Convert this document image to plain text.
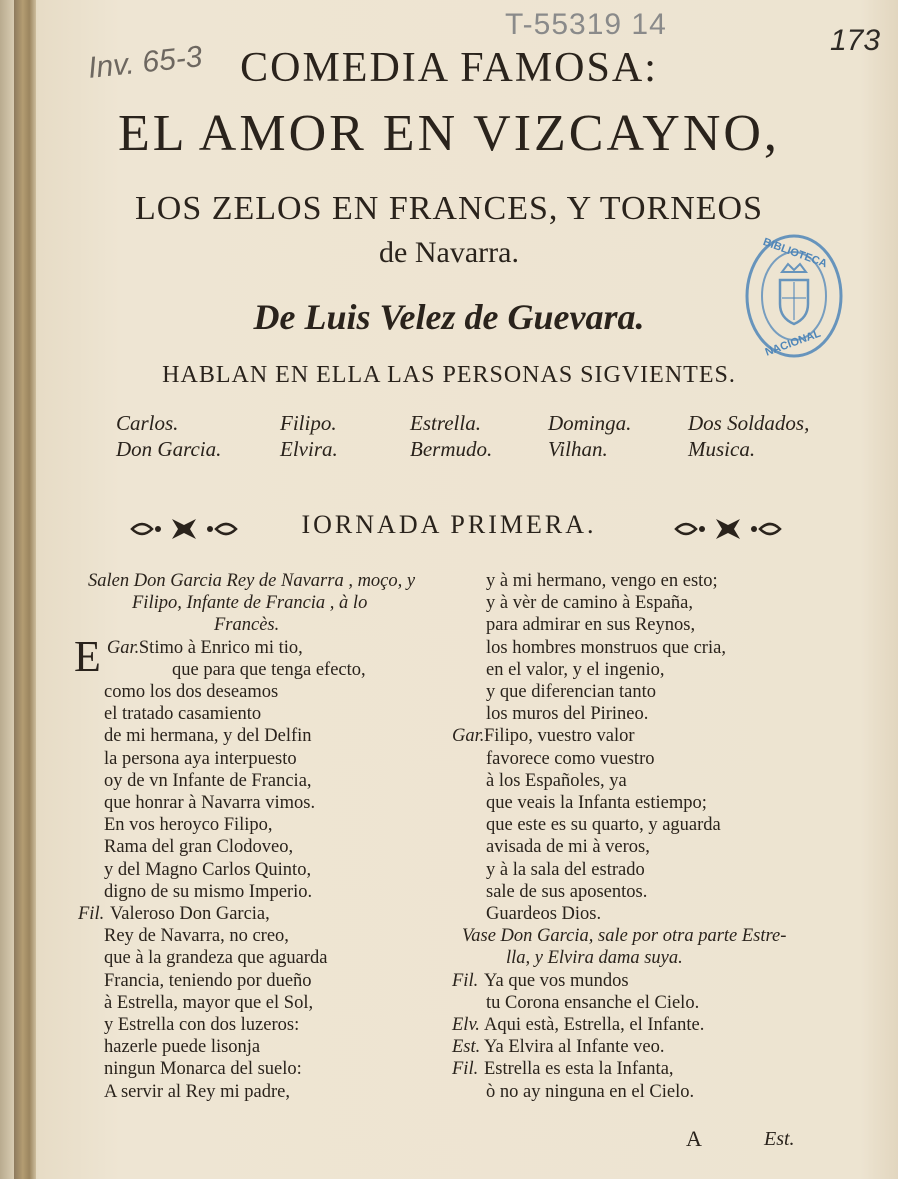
T-55319 14	173
Inv. 65-3 COMEDIA FAMOSA:
EL AMOR EN VIZCAYNO,
LOS ZELOS EN FRANCES, Y TORNEOS
de Navarra.
De Luis Velez de Guevara.
BIBLIOTECA
NACIONAL
HABLAN EN ELLA LAS PERSONAS SIGVIENTES.
Carlos.
Don Garcia.
Filipo.
Elvira.
Estrella.
Bermudo.
Dominga.
Vilhan.
Dos Soldados,
Musica.
IORNADA PRIMERA.
Salen Don Garcia Rey de Navarra , moço, y
Filipo, Infante de Francia , à lo
Francès.
Gar.
E Stimo à Enrico mi tio,
que para que tenga efecto,
como los dos deseamos
el tratado casamiento
de mi hermana, y del Delfin
la persona aya interpuesto
oy de vn Infante de Francia,
que honrar à Navarra vimos.
En vos heroyco Filipo,
Rama del gran Clodoveo,
y del Magno Carlos Quinto,
digno de su mismo Imperio.
Fil. Valeroso Don Garcia,
Rey de Navarra, no creo,
que à la grandeza que aguarda
Francia, teniendo por dueño
à Estrella, mayor que el Sol,
y Estrella con dos luzeros:
hazerle puede lisonja
ningun Monarca del suelo:
A servir al Rey mi padre,
y à mi hermano, vengo en esto;
y à vèr de camino à España,
para admirar en sus Reynos,
los hombres monstruos que cria,
en el valor, y el ingenio,
y que diferencian tanto
los muros del Pirineo.
Gar.Filipo, vuestro valor
favorece como vuestro
à los Españoles, ya
que veais la Infanta estiempo;
que este es su quarto, y aguarda
avisada de mi à veros,
y à la sala del estrado
sale de sus aposentos.
Guardeos Dios.
Vase Don Garcia, sale por otra parte Estre-
lla, y Elvira dama suya.
Fil. Ya que vos mundos
tu Corona ensanche el Cielo.
Elv. Aqui està, Estrella, el Infante.
Est. Ya Elvira al Infante veo.
Fil. Estrella es esta la Infanta,
ò no ay ninguna en el Cielo.
A	Est.
